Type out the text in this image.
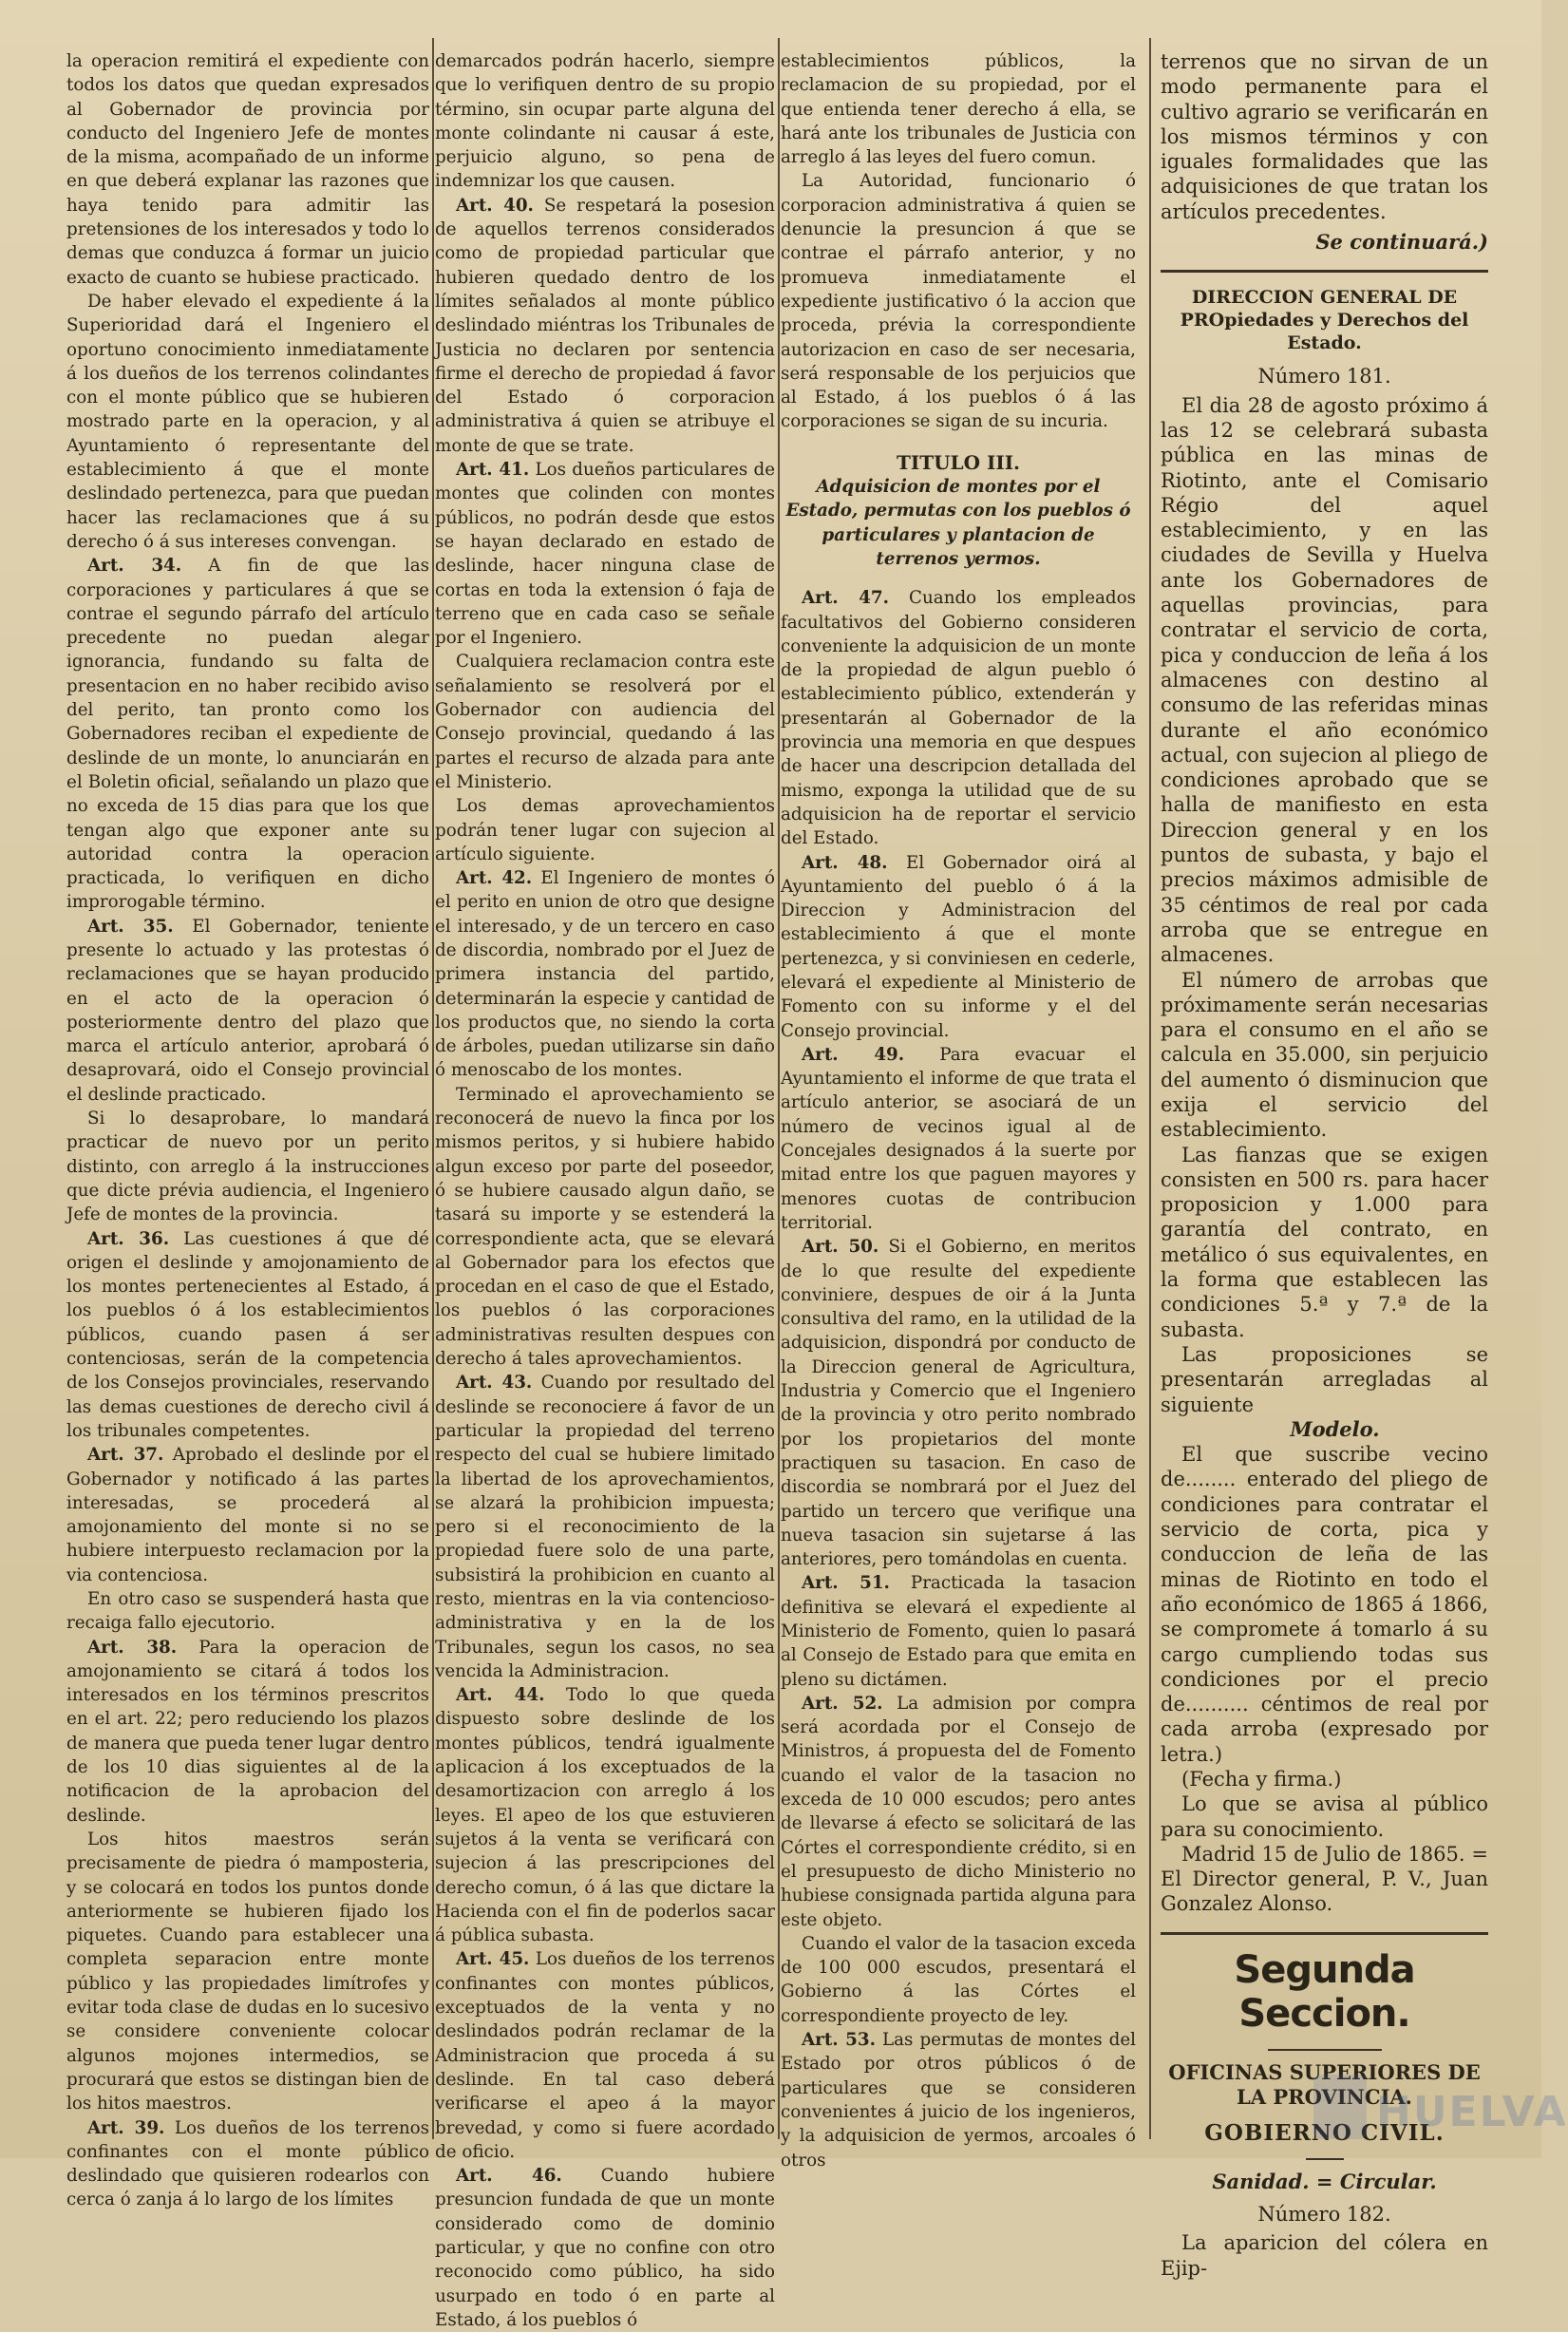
la operacion remitirá el expediente con todos los datos que quedan expresados al Gobernador de provincia por conducto del Ingeniero Jefe de montes de la misma, acompañado de un informe en que deberá explanar las razones que haya tenido para admitir las pretensiones de los interesados y todo lo demas que conduzca á formar un juicio exacto de cuanto se hubiese practicado.

De haber elevado el expediente á la Superioridad dará el Ingeniero el oportuno conocimiento inmediatamente á los dueños de los terrenos colindantes con el monte público que se hubieren mostrado parte en la operacion, y al Ayuntamiento ó representante del establecimiento á que el monte deslindado pertenezca, para que puedan hacer las reclamaciones que á su derecho ó á sus intereses convengan.

Art. 34. A fin de que las corporaciones y particulares á que se contrae el segundo párrafo del artículo precedente no puedan alegar ignorancia, fundando su falta de presentacion en no haber recibido aviso del perito, tan pronto como los Gobernadores reciban el expediente de deslinde de un monte, lo anunciarán en el Boletin oficial, señalando un plazo que no exceda de 15 dias para que los que tengan algo que exponer ante su autoridad contra la operacion practicada, lo verifiquen en dicho improrogable término.

Art. 35. El Gobernador, teniente presente lo actuado y las protestas ó reclamaciones que se hayan producido en el acto de la operacion ó posteriormente dentro del plazo que marca el artículo anterior, aprobará ó desaprovará, oido el Consejo provincial el deslinde practicado.

Si lo desaprobare, lo mandará practicar de nuevo por un perito distinto, con arreglo á la instrucciones que dicte prévia audiencia, el Ingeniero Jefe de montes de la provincia.

Art. 36. Las cuestiones á que dé origen el deslinde y amojonamiento de los montes pertenecientes al Estado, á los pueblos ó á los establecimientos públicos, cuando pasen á ser contenciosas, serán de la competencia de los Consejos provinciales, reservando las demas cuestiones de derecho civil á los tribunales competentes.

Art. 37. Aprobado el deslinde por el Gobernador y notificado á las partes interesadas, se procederá al amojonamiento del monte si no se hubiere interpuesto reclamacion por la via contenciosa.

En otro caso se suspenderá hasta que recaiga fallo ejecutorio.

Art. 38. Para la operacion de amojonamiento se citará á todos los interesados en los términos prescritos en el art. 22; pero reduciendo los plazos de manera que pueda tener lugar dentro de los 10 dias siguientes al de la notificacion de la aprobacion del deslinde.

Los hitos maestros serán precisamente de piedra ó mamposteria, y se colocará en todos los puntos donde anteriormente se hubieren fijado los piquetes. Cuando para establecer una completa separacion entre monte público y las propiedades limítrofes y evitar toda clase de dudas en lo sucesivo se considere conveniente colocar algunos mojones intermedios, se procurará que estos se distingan bien de los hitos maestros.

Art. 39. Los dueños de los terrenos confinantes con el monte público deslindado que quisieren rodearlos con cerca ó zanja á lo largo de los límites

demarcados podrán hacerlo, siempre que lo verifiquen dentro de su propio término, sin ocupar parte alguna del monte colindante ni causar á este, perjuicio alguno, so pena de indemnizar los que causen.

Art. 40. Se respetará la posesion de aquellos terrenos considerados como de propiedad particular que hubieren quedado dentro de los límites señalados al monte público deslindado miéntras los Tribunales de Justicia no declaren por sentencia firme el derecho de propiedad á favor del Estado ó corporacion administrativa á quien se atribuye el monte de que se trate.

Art. 41. Los dueños particulares de montes que colinden con montes públicos, no podrán desde que estos se hayan declarado en estado de deslinde, hacer ninguna clase de cortas en toda la extension ó faja de terreno que en cada caso se señale por el Ingeniero.

Cualquiera reclamacion contra este señalamiento se resolverá por el Gobernador con audiencia del Consejo provincial, quedando á las partes el recurso de alzada para ante el Ministerio.

Los demas aprovechamientos podrán tener lugar con sujecion al artículo siguiente.

Art. 42. El Ingeniero de montes ó el perito en union de otro que designe el interesado, y de un tercero en caso de discordia, nombrado por el Juez de primera instancia del partido, determinarán la especie y cantidad de los productos que, no siendo la corta de árboles, puedan utilizarse sin daño ó menoscabo de los montes.

Terminado el aprovechamiento se reconocerá de nuevo la finca por los mismos peritos, y si hubiere habido algun exceso por parte del poseedor, ó se hubiere causado algun daño, se tasará su importe y se estenderá la correspondiente acta, que se elevará al Gobernador para los efectos que procedan en el caso de que el Estado, los pueblos ó las corporaciones administrativas resulten despues con derecho á tales aprovechamientos.

Art. 43. Cuando por resultado del deslinde se reconociere á favor de un particular la propiedad del terreno respecto del cual se hubiere limitado la libertad de los aprovechamientos, se alzará la prohibicion impuesta; pero si el reconocimiento de la propiedad fuere solo de una parte, subsistirá la prohibicion en cuanto al resto, mientras en la via contencioso-administrativa y en la de los Tribunales, segun los casos, no sea vencida la Administracion.

Art. 44. Todo lo que queda dispuesto sobre deslinde de los montes públicos, tendrá igualmente aplicacion á los exceptuados de la desamortizacion con arreglo á los leyes. El apeo de los que estuvieren sujetos á la venta se verificará con sujecion á las prescripciones del derecho comun, ó á las que dictare la Hacienda con el fin de poderlos sacar á pública subasta.

Art. 45. Los dueños de los terrenos confinantes con montes públicos, exceptuados de la venta y no deslindados podrán reclamar de la Administracion que proceda á su deslinde. En tal caso deberá verificarse el apeo á la mayor brevedad, y como si fuere acordado de oficio.

Art. 46. Cuando hubiere presuncion fundada de que un monte considerado como de dominio particular, y que no confine con otro reconocido como público, ha sido usurpado en todo ó en parte al Estado, á los pueblos ó

establecimientos públicos, la reclamacion de su propiedad, por el que entienda tener derecho á ella, se hará ante los tribunales de Justicia con arreglo á las leyes del fuero comun.

La Autoridad, funcionario ó corporacion administrativa á quien se denuncie la presuncion á que se contrae el párrafo anterior, y no promueva inmediatamente el expediente justificativo ó la accion que proceda, prévia la correspondiente autorizacion en caso de ser necesaria, será responsable de los perjuicios que al Estado, á los pueblos ó á las corporaciones se sigan de su incuria.

TITULO III.

Adquisicion de montes por el Estado, permutas con los pueblos ó particulares y plantacion de terrenos yermos.

Art. 47. Cuando los empleados facultativos del Gobierno consideren conveniente la adquisicion de un monte de la propiedad de algun pueblo ó establecimiento público, extenderán y presentarán al Gobernador de la provincia una memoria en que despues de hacer una descripcion detallada del mismo, exponga la utilidad que de su adquisicion ha de reportar el servicio del Estado.

Art. 48. El Gobernador oirá al Ayuntamiento del pueblo ó á la Direccion y Administracion del establecimiento á que el monte pertenezca, y si conviniesen en cederle, elevará el expediente al Ministerio de Fomento con su informe y el del Consejo provincial.

Art. 49. Para evacuar el Ayuntamiento el informe de que trata el artículo anterior, se asociará de un número de vecinos igual al de Concejales designados á la suerte por mitad entre los que paguen mayores y menores cuotas de contribucion territorial.

Art. 50. Si el Gobierno, en meritos de lo que resulte del expediente conviniere, despues de oir á la Junta consultiva del ramo, en la utilidad de la adquisicion, dispondrá por conducto de la Direccion general de Agricultura, Industria y Comercio que el Ingeniero de la provincia y otro perito nombrado por los propietarios del monte practiquen su tasacion. En caso de discordia se nombrará por el Juez del partido un tercero que verifique una nueva tasacion sin sujetarse á las anteriores, pero tomándolas en cuenta.

Art. 51. Practicada la tasacion definitiva se elevará el expediente al Ministerio de Fomento, quien lo pasará al Consejo de Estado para que emita en pleno su dictámen.

Art. 52. La admision por compra será acordada por el Consejo de Ministros, á propuesta del de Fomento cuando el valor de la tasacion no exceda de 10 000 escudos; pero antes de llevarse á efecto se solicitará de las Córtes el correspondiente crédito, si en el presupuesto de dicho Ministerio no hubiese consignada partida alguna para este objeto.

Cuando el valor de la tasacion exceda de 100 000 escudos, presentará el Gobierno á las Córtes el correspondiente proyecto de ley.

Art. 53. Las permutas de montes del Estado por otros públicos ó de particulares que se consideren convenientes á juicio de los ingenieros, y la adquisicion de yermos, arcoales ó otros

terrenos que no sirvan de un modo permanente para el cultivo agrario se verificarán en los mismos términos y con iguales formalidades que las adquisiciones de que tratan los artículos precedentes.

Se continuará.)

DIRECCION GENERAL DE PROpiedades y Derechos del Estado.
Número 181.

El dia 28 de agosto próximo á las 12 se celebrará subasta pública en las minas de Riotinto, ante el Comisario Régio del aquel establecimiento, y en las ciudades de Sevilla y Huelva ante los Gobernadores de aquellas provincias, para contratar el servicio de corta, pica y conduccion de leña á los almacenes con destino al consumo de las referidas minas durante el año económico actual, con sujecion al pliego de condiciones aprobado que se halla de manifiesto en esta Direccion general y en los puntos de subasta, y bajo el precios máximos admisible de 35 céntimos de real por cada arroba que se entregue en almacenes.

El número de arrobas que próximamente serán necesarias para el consumo en el año se calcula en 35.000, sin perjuicio del aumento ó disminucion que exija el servicio del establecimiento.

Las fianzas que se exigen consisten en 500 rs. para hacer proposicion y 1.000 para garantía del contrato, en metálico ó sus equivalentes, en la forma que establecen las condiciones 5.ª y 7.ª de la subasta.

Las proposiciones se presentarán arregladas al siguiente

Modelo.

El que suscribe vecino de........ enterado del pliego de condiciones para contratar el servicio de corta, pica y conduccion de leña de las minas de Riotinto en todo el año económico de 1865 á 1866, se compromete á tomarlo á su cargo cumpliendo todas sus condiciones por el precio de.......... céntimos de real por cada arroba (expresado por letra.)

(Fecha y firma.)

Lo que se avisa al público para su conocimiento.

Madrid 15 de Julio de 1865. = El Director general, P. V., Juan Gonzalez Alonso.

Segunda Seccion.
OFICINAS SUPERIORES DE LA PROVINCIA.
GOBIERNO CIVIL.
Sanidad. = Circular.
Número 182.

La aparicion del cólera en Ejip-

HUELVA
